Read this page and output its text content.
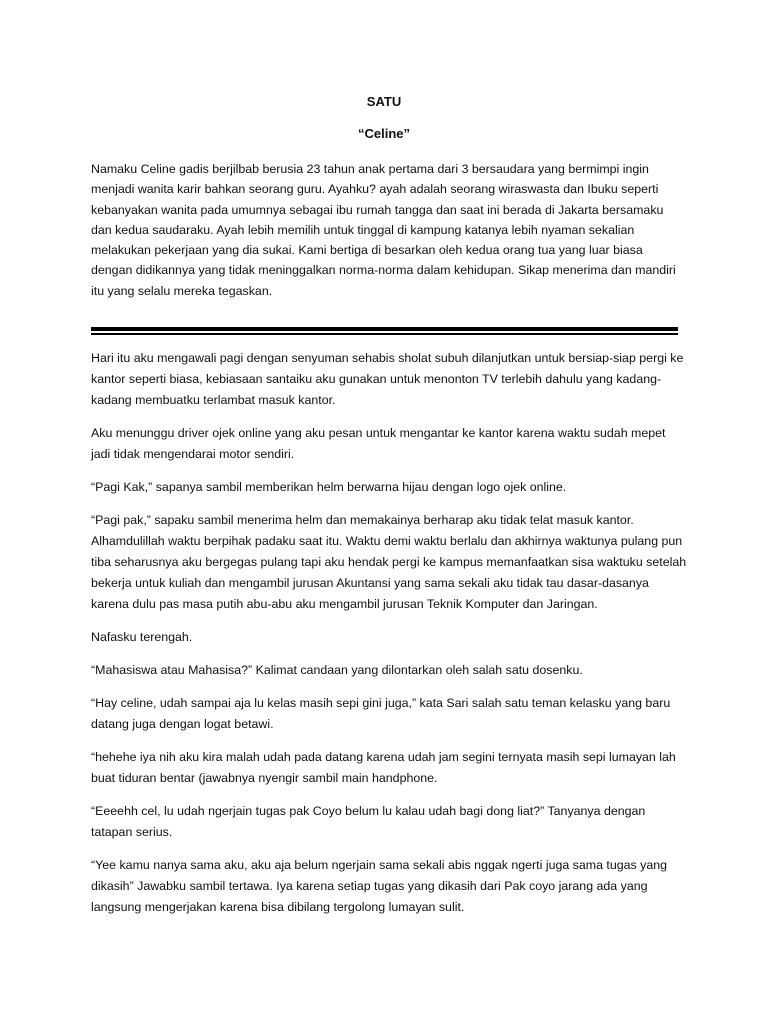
SATU
“Celine”

Namaku Celine gadis berjilbab berusia 23 tahun anak pertama dari 3 bersaudara yang bermimpi ingin menjadi wanita karir bahkan seorang guru. Ayahku? ayah adalah seorang wiraswasta dan Ibuku seperti kebanyakan wanita pada umumnya sebagai ibu rumah tangga dan saat ini berada di Jakarta bersamaku dan kedua saudaraku. Ayah lebih memilih untuk tinggal di kampung katanya lebih nyaman sekalian melakukan pekerjaan yang dia sukai. Kami bertiga di besarkan oleh kedua orang tua yang luar biasa dengan didikannya yang tidak meninggalkan norma-norma dalam kehidupan. Sikap menerima dan mandiri itu yang selalu mereka tegaskan.

Hari itu aku mengawali pagi dengan senyuman sehabis sholat subuh dilanjutkan untuk bersiap-siap pergi ke kantor seperti biasa, kebiasaan santaiku aku gunakan untuk menonton TV terlebih dahulu yang kadang-kadang membuatku terlambat masuk kantor.

Aku menunggu driver ojek online yang aku pesan untuk mengantar ke kantor karena waktu sudah mepet jadi tidak mengendarai motor sendiri.

“Pagi Kak,” sapanya sambil memberikan helm berwarna hijau dengan logo ojek online.

“Pagi pak,” sapaku sambil menerima helm dan memakainya berharap aku tidak telat masuk kantor. Alhamdulillah waktu berpihak padaku saat itu. Waktu demi waktu berlalu dan akhirnya waktunya pulang pun tiba seharusnya aku bergegas pulang tapi aku hendak pergi ke kampus memanfaatkan sisa waktuku setelah bekerja untuk kuliah dan mengambil jurusan Akuntansi yang sama sekali aku tidak tau dasar-dasanya karena dulu pas masa putih abu-abu aku mengambil jurusan Teknik Komputer dan Jaringan.

Nafasku terengah.

“Mahasiswa atau Mahasisa?” Kalimat candaan yang dilontarkan oleh salah satu dosenku.

“Hay celine, udah sampai aja lu kelas masih sepi gini juga,” kata Sari salah satu teman kelasku yang baru datang juga dengan logat betawi.

“hehehe iya nih aku kira malah udah pada datang karena udah jam segini ternyata masih sepi lumayan lah buat tiduran bentar (jawabnya nyengir sambil main handphone.

“Eeeehh cel, lu udah ngerjain tugas pak Coyo belum lu kalau udah bagi dong liat?” Tanyanya dengan tatapan serius.

“Yee kamu nanya sama aku, aku aja belum ngerjain sama sekali abis nggak ngerti juga sama tugas yang dikasih” Jawabku sambil tertawa. Iya karena setiap tugas yang dikasih dari Pak coyo jarang ada yang langsung mengerjakan karena bisa dibilang tergolong lumayan sulit.
